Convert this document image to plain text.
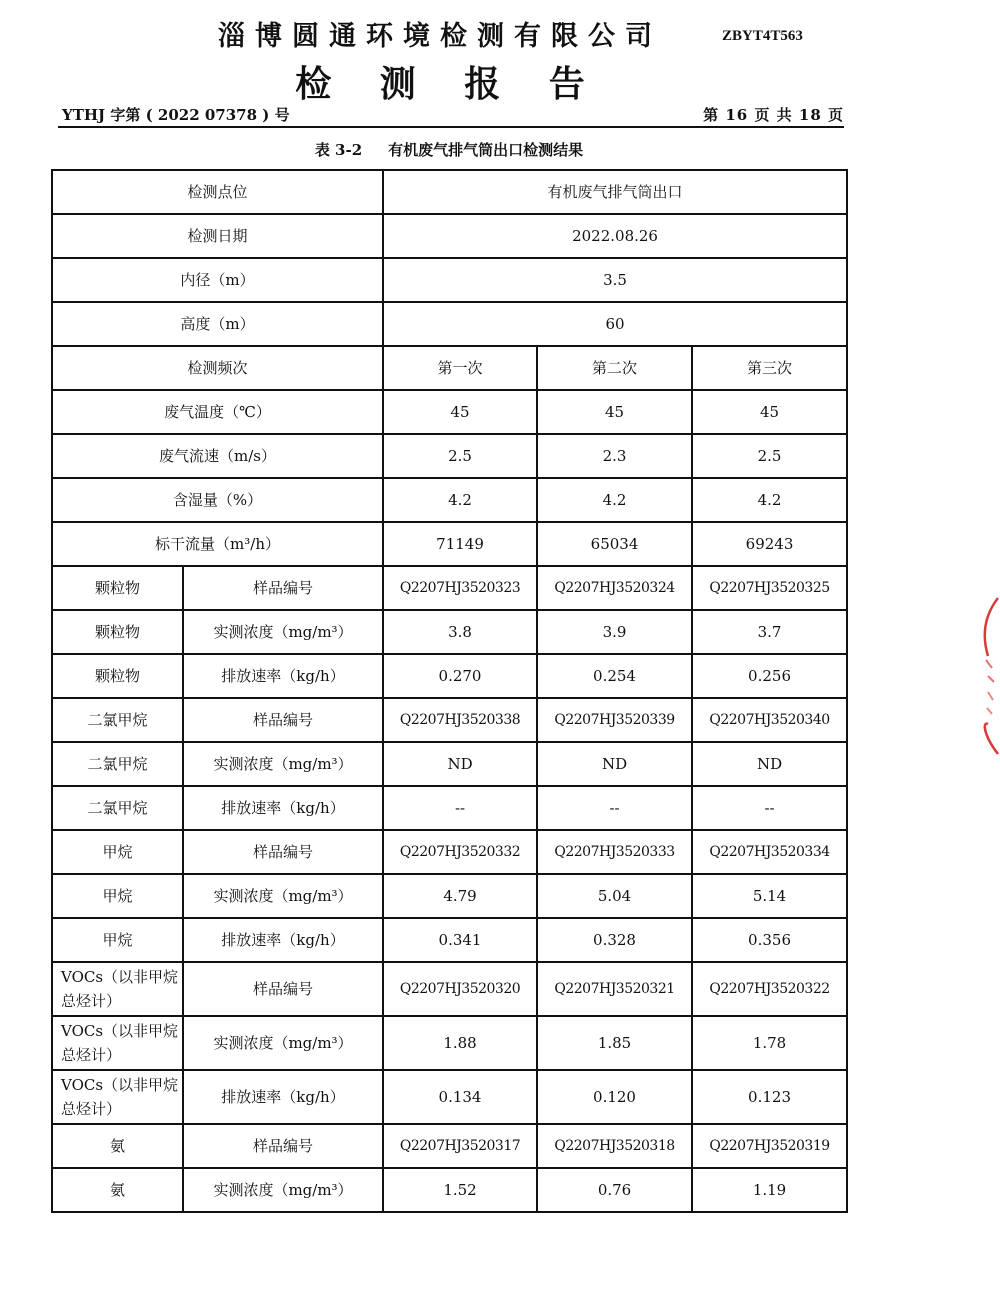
淄博圆通环境检测有限公司	ZBYT4T563
检 测 报 告
YTHJ 字第 ( 2022 07378 ) 号	第 16 页 共 18 页
表 3-2 有机废气排气筒出口检测结果
检测点位		有机废气排气筒出口		
检测日期		2022.08.26		
内径（m）		3.5		
高度（m）		60		
检测频次		第一次	第二次	第三次
废气温度（℃）		45	45	45
废气流速（m/s）		2.5	2.3	2.5
含湿量（%）		4.2	4.2	4.2
标干流量（m³/h）		71149	65034	69243
颗粒物	样品编号	Q2207HJ3520323	Q2207HJ3520324	Q2207HJ3520325
颗粒物	实测浓度（mg/m³）	3.8	3.9	3.7
颗粒物	排放速率（kg/h）	0.270	0.254	0.256
二氯甲烷	样品编号	Q2207HJ3520338	Q2207HJ3520339	Q2207HJ3520340
二氯甲烷	实测浓度（mg/m³）	ND	ND	ND
二氯甲烷	排放速率（kg/h）	--	--	--
甲烷	样品编号	Q2207HJ3520332	Q2207HJ3520333	Q2207HJ3520334
甲烷	实测浓度（mg/m³）	4.79	5.04	5.14
甲烷	排放速率（kg/h）	0.341	0.328	0.356
VOCs（以非甲烷总烃计）	样品编号	Q2207HJ3520320	Q2207HJ3520321	Q2207HJ3520322
VOCs（以非甲烷总烃计）	实测浓度（mg/m³）	1.88	1.85	1.78
VOCs（以非甲烷总烃计）	排放速率（kg/h）	0.134	0.120	0.123
氨	样品编号	Q2207HJ3520317	Q2207HJ3520318	Q2207HJ3520319
氨	实测浓度（mg/m³）	1.52	0.76	1.19
